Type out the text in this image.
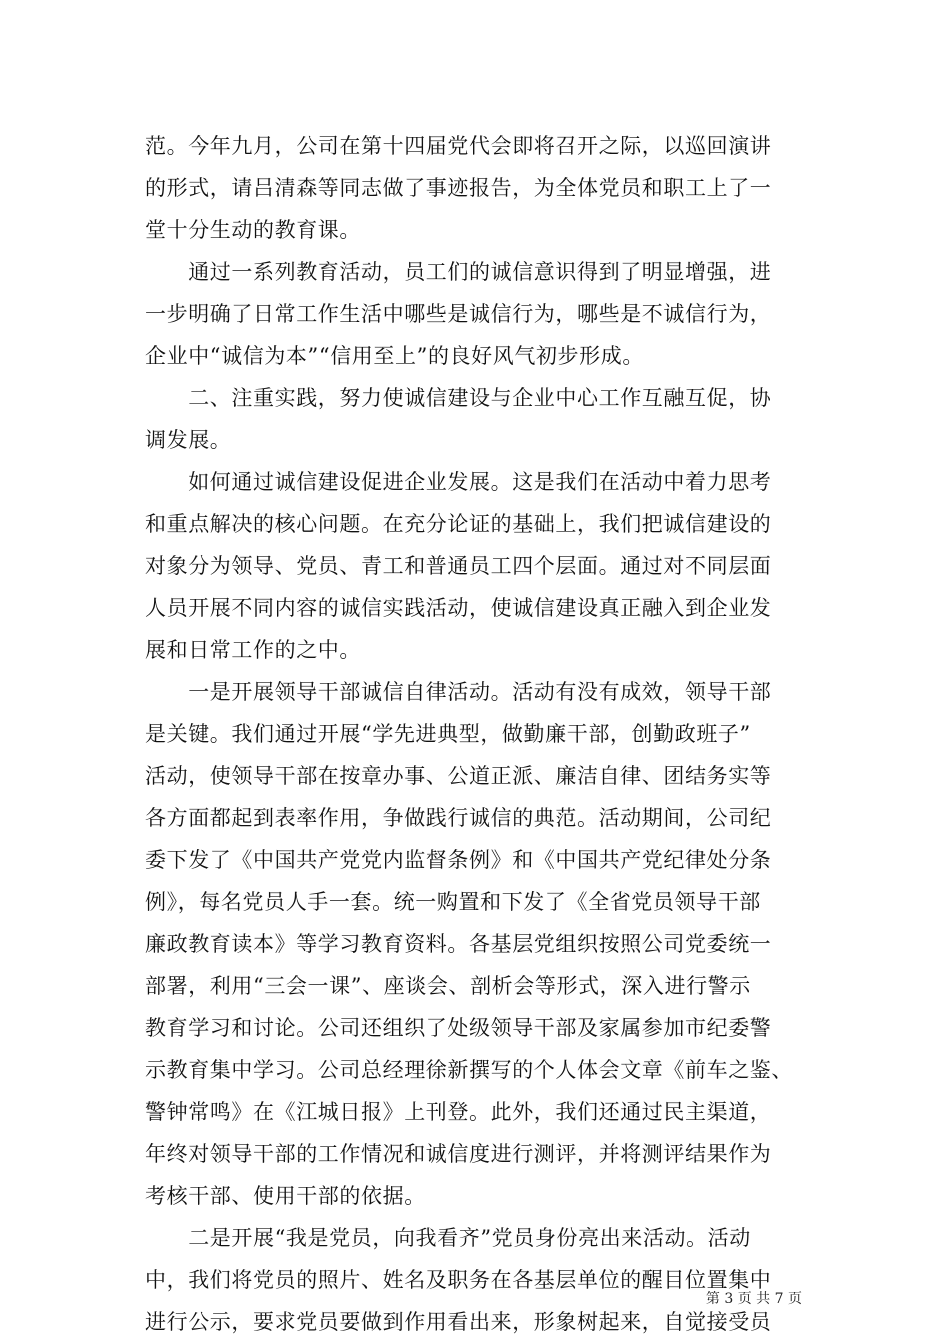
范。今年九月，公司在第十四届党代会即将召开之际，以巡回演讲
的形式，请吕清森等同志做了事迹报告，为全体党员和职工上了一
堂十分生动的教育课。
　　通过一系列教育活动，员工们的诚信意识得到了明显增强，进
一步明确了日常工作生活中哪些是诚信行为，哪些是不诚信行为，
企业中“诚信为本”“信用至上”的良好风气初步形成。
　　二、注重实践，努力使诚信建设与企业中心工作互融互促，协
调发展。
　　如何通过诚信建设促进企业发展。这是我们在活动中着力思考
和重点解决的核心问题。在充分论证的基础上，我们把诚信建设的
对象分为领导、党员、青工和普通员工四个层面。通过对不同层面
人员开展不同内容的诚信实践活动，使诚信建设真正融入到企业发
展和日常工作的之中。
　　一是开展领导干部诚信自律活动。活动有没有成效，领导干部
是关键。我们通过开展“学先进典型，做勤廉干部，创勤政班子”
活动，使领导干部在按章办事、公道正派、廉洁自律、团结务实等
各方面都起到表率作用，争做践行诚信的典范。活动期间，公司纪
委下发了《中国共产党党内监督条例》和《中国共产党纪律处分条
例》，每名党员人手一套。统一购置和下发了《全省党员领导干部
廉政教育读本》等学习教育资料。各基层党组织按照公司党委统一
部署，利用“三会一课”、座谈会、剖析会等形式，深入进行警示
教育学习和讨论。公司还组织了处级领导干部及家属参加市纪委警
示教育集中学习。公司总经理徐新撰写的个人体会文章《前车之鉴、
警钟常鸣》在《江城日报》上刊登。此外，我们还通过民主渠道，
年终对领导干部的工作情况和诚信度进行测评，并将测评结果作为
考核干部、使用干部的依据。
　　二是开展“我是党员，向我看齐”党员身份亮出来活动。活动
中，我们将党员的照片、姓名及职务在各基层单位的醒目位置集中
进行公示，要求党员要做到作用看出来，形象树起来，自觉接受员
第 3 页 共 7 页
